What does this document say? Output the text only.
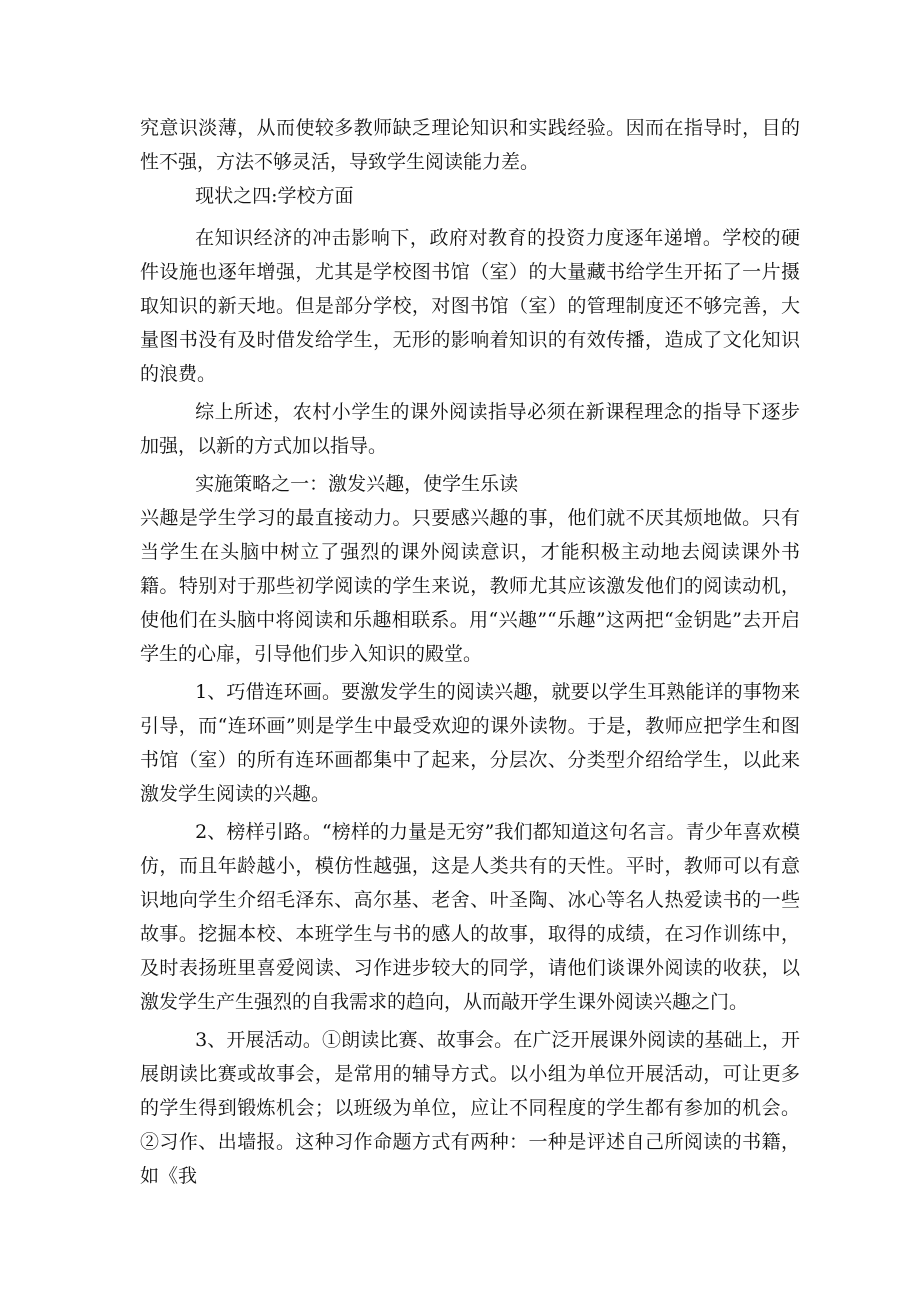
究意识淡薄，从而使较多教师缺乏理论知识和实践经验。因而在指导时，目的性不强，方法不够灵活，导致学生阅读能力差。

现状之四:学校方面

在知识经济的冲击影响下，政府对教育的投资力度逐年递增。学校的硬件设施也逐年增强，尤其是学校图书馆（室）的大量藏书给学生开拓了一片摄取知识的新天地。但是部分学校，对图书馆（室）的管理制度还不够完善，大量图书没有及时借发给学生，无形的影响着知识的有效传播，造成了文化知识的浪费。

综上所述，农村小学生的课外阅读指导必须在新课程理念的指导下逐步加强，以新的方式加以指导。

实施策略之一：激发兴趣，使学生乐读

兴趣是学生学习的最直接动力。只要感兴趣的事，他们就不厌其烦地做。只有当学生在头脑中树立了强烈的课外阅读意识，才能积极主动地去阅读课外书籍。特别对于那些初学阅读的学生来说，教师尤其应该激发他们的阅读动机，使他们在头脑中将阅读和乐趣相联系。用“兴趣”“乐趣”这两把“金钥匙”去开启学生的心扉，引导他们步入知识的殿堂。

1、巧借连环画。要激发学生的阅读兴趣，就要以学生耳熟能详的事物来引导，而“连环画”则是学生中最受欢迎的课外读物。于是，教师应把学生和图书馆（室）的所有连环画都集中了起来，分层次、分类型介绍给学生，以此来激发学生阅读的兴趣。

2、榜样引路。“榜样的力量是无穷”我们都知道这句名言。青少年喜欢模仿，而且年龄越小，模仿性越强，这是人类共有的天性。平时，教师可以有意识地向学生介绍毛泽东、高尔基、老舍、叶圣陶、冰心等名人热爱读书的一些故事。挖掘本校、本班学生与书的感人的故事，取得的成绩，在习作训练中，及时表扬班里喜爱阅读、习作进步较大的同学，请他们谈课外阅读的收获，以激发学生产生强烈的自我需求的趋向，从而敲开学生课外阅读兴趣之门。

3、开展活动。①朗读比赛、故事会。在广泛开展课外阅读的基础上，开展朗读比赛或故事会，是常用的辅导方式。以小组为单位开展活动，可让更多的学生得到锻炼机会；以班级为单位，应让不同程度的学生都有参加的机会。②习作、出墙报。这种习作命题方式有两种：一种是评述自己所阅读的书籍，如《我
